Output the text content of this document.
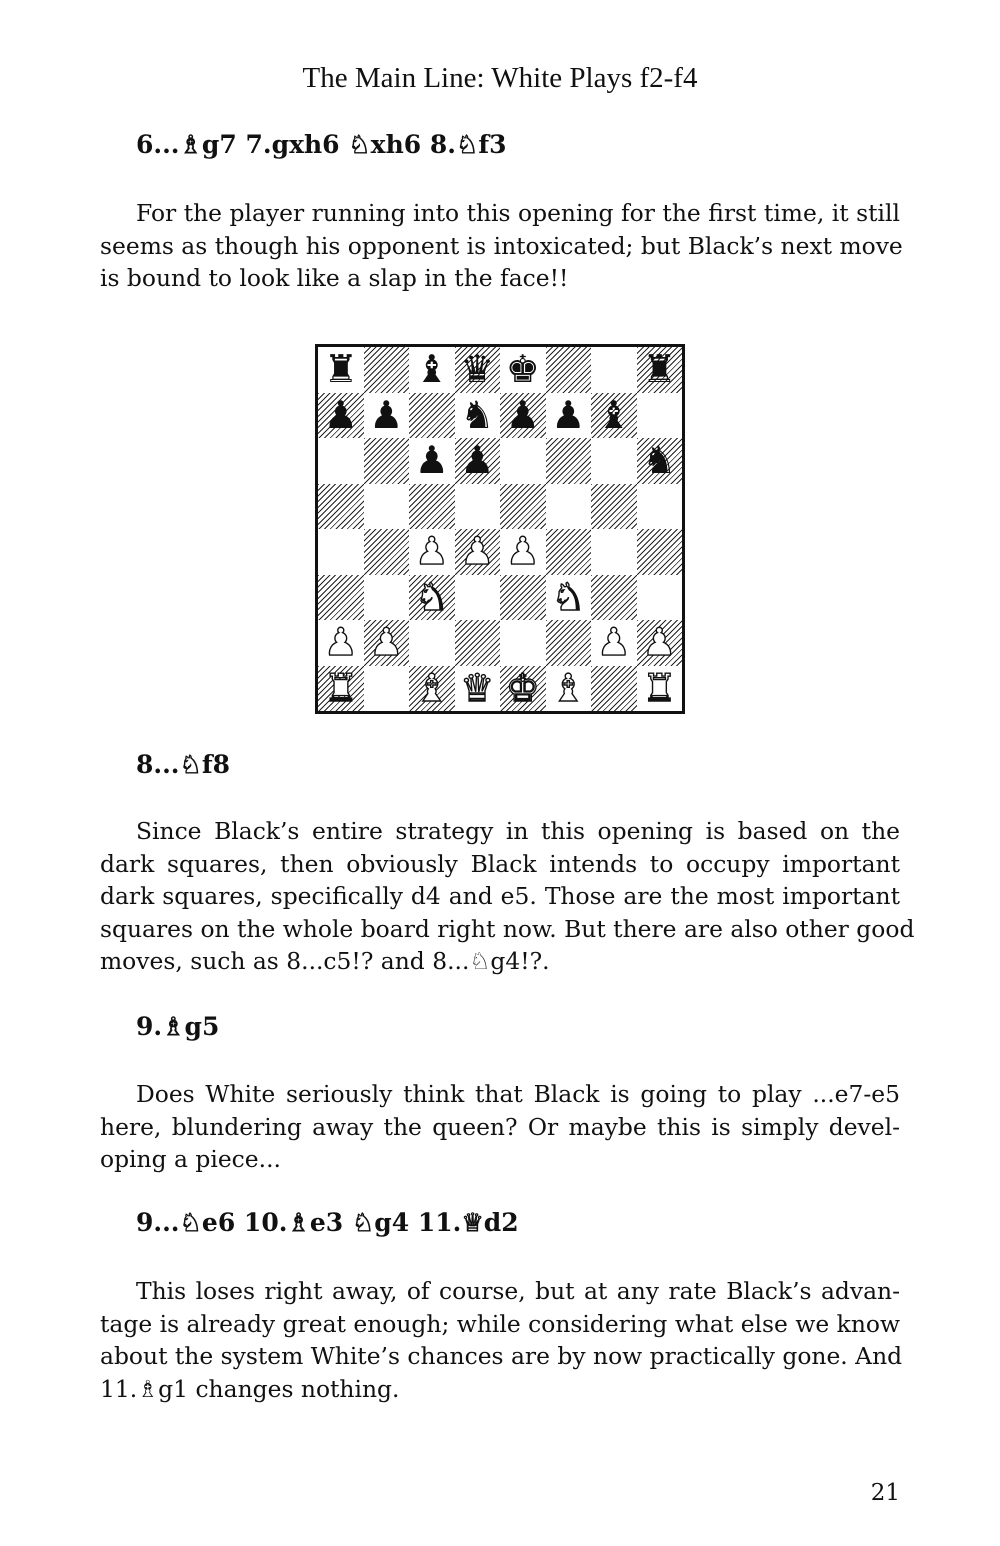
The Main Line: White Plays f2-f4
6...♗g7 7.gxh6 ♘xh6 8.♘f3
For the player running into this opening for the first time, it still
seems as though his opponent is intoxicated; but Black’s next move
is bound to look like a slap in the face!!
♜ ♝ ♛ ♚	♜
♟ ♟ ♞ ♟ ♟ ♝
♟ ♟	♞
♟ ♟ ♟
♞	♞
♟ ♟	♟ ♟
♜ ♝ ♛ ♚ ♝ ♜
8...♘f8
Since Black’s entire strategy in this opening is based on the
dark squares, then obviously Black intends to occupy important
dark squares, specifically d4 and e5. Those are the most important
squares on the whole board right now. But there are also other good
moves, such as 8...c5!? and 8...♘g4!?.
9.♗g5
Does White seriously think that Black is going to play ...e7-e5
here, blundering away the queen? Or maybe this is simply devel-
oping a piece...
9...♘e6 10.♗e3 ♘g4 11.♕d2
This loses right away, of course, but at any rate Black’s advan-
tage is already great enough; while considering what else we know
about the system White’s chances are by now practically gone. And
11.♗g1 changes nothing.
21
